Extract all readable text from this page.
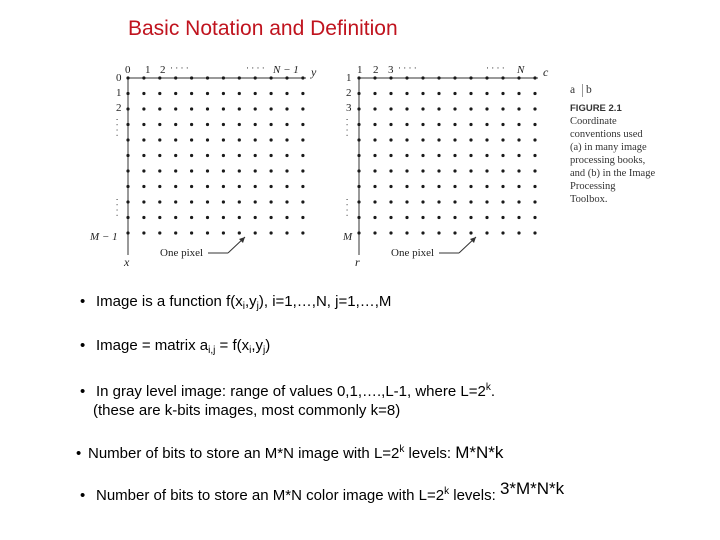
Basic Notation and Definition
0 1 2 · · · ·	· · · · N − 1 y
0
1
2
· · · ·
· · · ·
M − 1
x
One pixel
1 2 3 · · · ·	· · · · N c
1
2
3
· · · ·
· · · ·
M
r
One pixel
a b
FIGURE 2.1
Coordinate
conventions used
(a) in many image
processing books,
and (b) in the Image Processing
Toolbox.
• Image is a function $f(x_i,y_j)$, i=1,…,N, j=1,…,M
• Image = matrix $a_{i,j} = f(x_i,y_j)$
• In gray level image: range of values 0,1,….,L-1, where $L=2^k$.
(these are k-bits images, most commonly k=8)
• Number of bits to store an M*N image with $L=2^k$ levels: M*N*k
• Number of bits to store an M*N color image with $L=2^k$ levels: 3*M*N*k
